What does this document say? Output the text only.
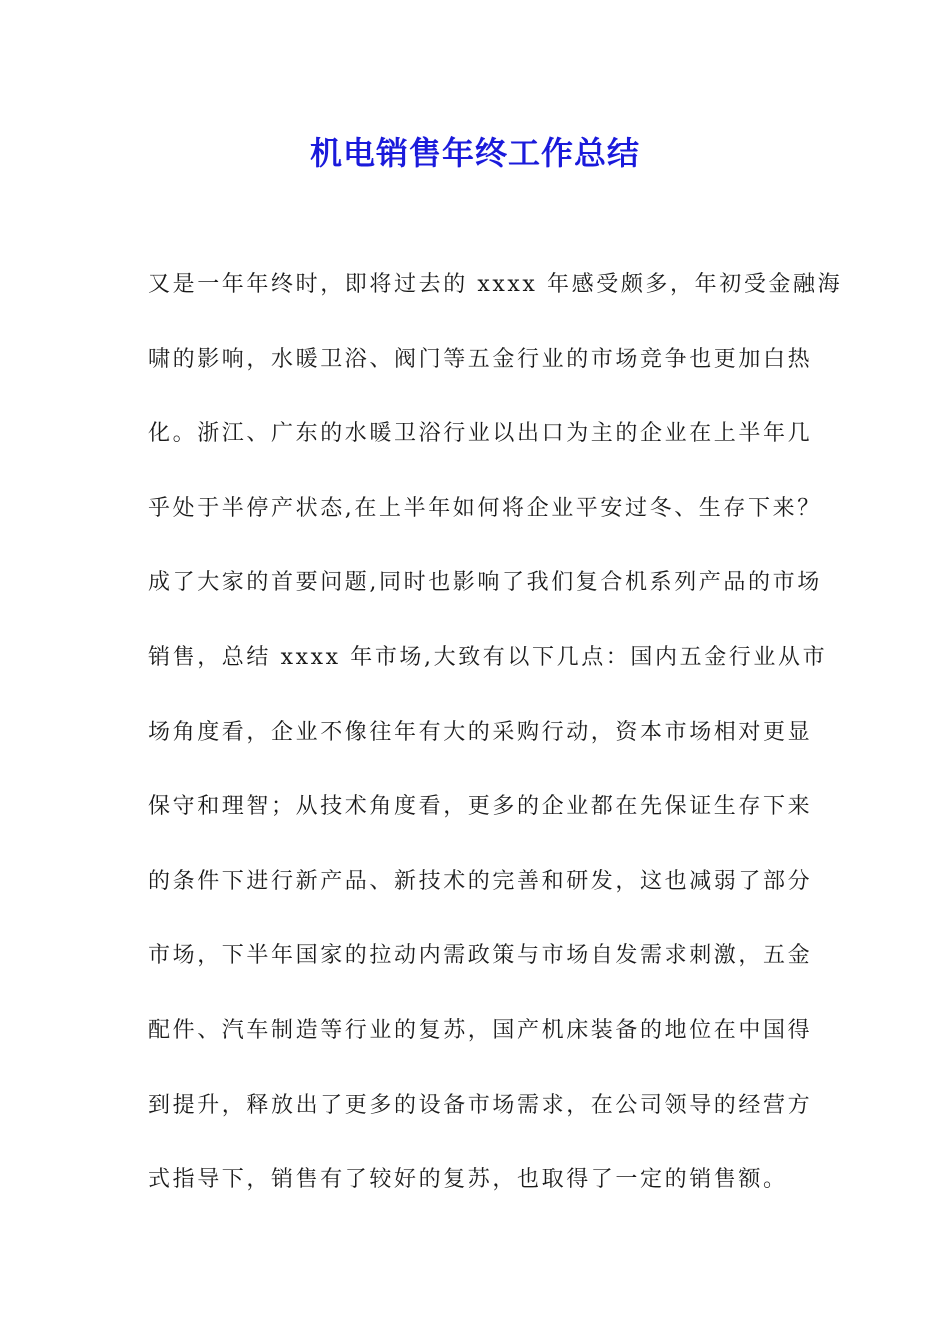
机电销售年终工作总结
又是一年年终时，即将过去的 xxxx 年感受颇多，年初受金融海
啸的影响，水暖卫浴、阀门等五金行业的市场竞争也更加白热
化。浙江、广东的水暖卫浴行业以出口为主的企业在上半年几
乎处于半停产状态,在上半年如何将企业平安过冬、生存下来？
成了大家的首要问题,同时也影响了我们复合机系列产品的市场
销售，总结 xxxx 年市场,大致有以下几点：国内五金行业从市
场角度看，企业不像往年有大的采购行动，资本市场相对更显
保守和理智；从技术角度看，更多的企业都在先保证生存下来
的条件下进行新产品、新技术的完善和研发，这也减弱了部分
市场，下半年国家的拉动内需政策与市场自发需求刺激，五金
配件、汽车制造等行业的复苏，国产机床装备的地位在中国得
到提升，释放出了更多的设备市场需求，在公司领导的经营方
式指导下，销售有了较好的复苏，也取得了一定的销售额。
